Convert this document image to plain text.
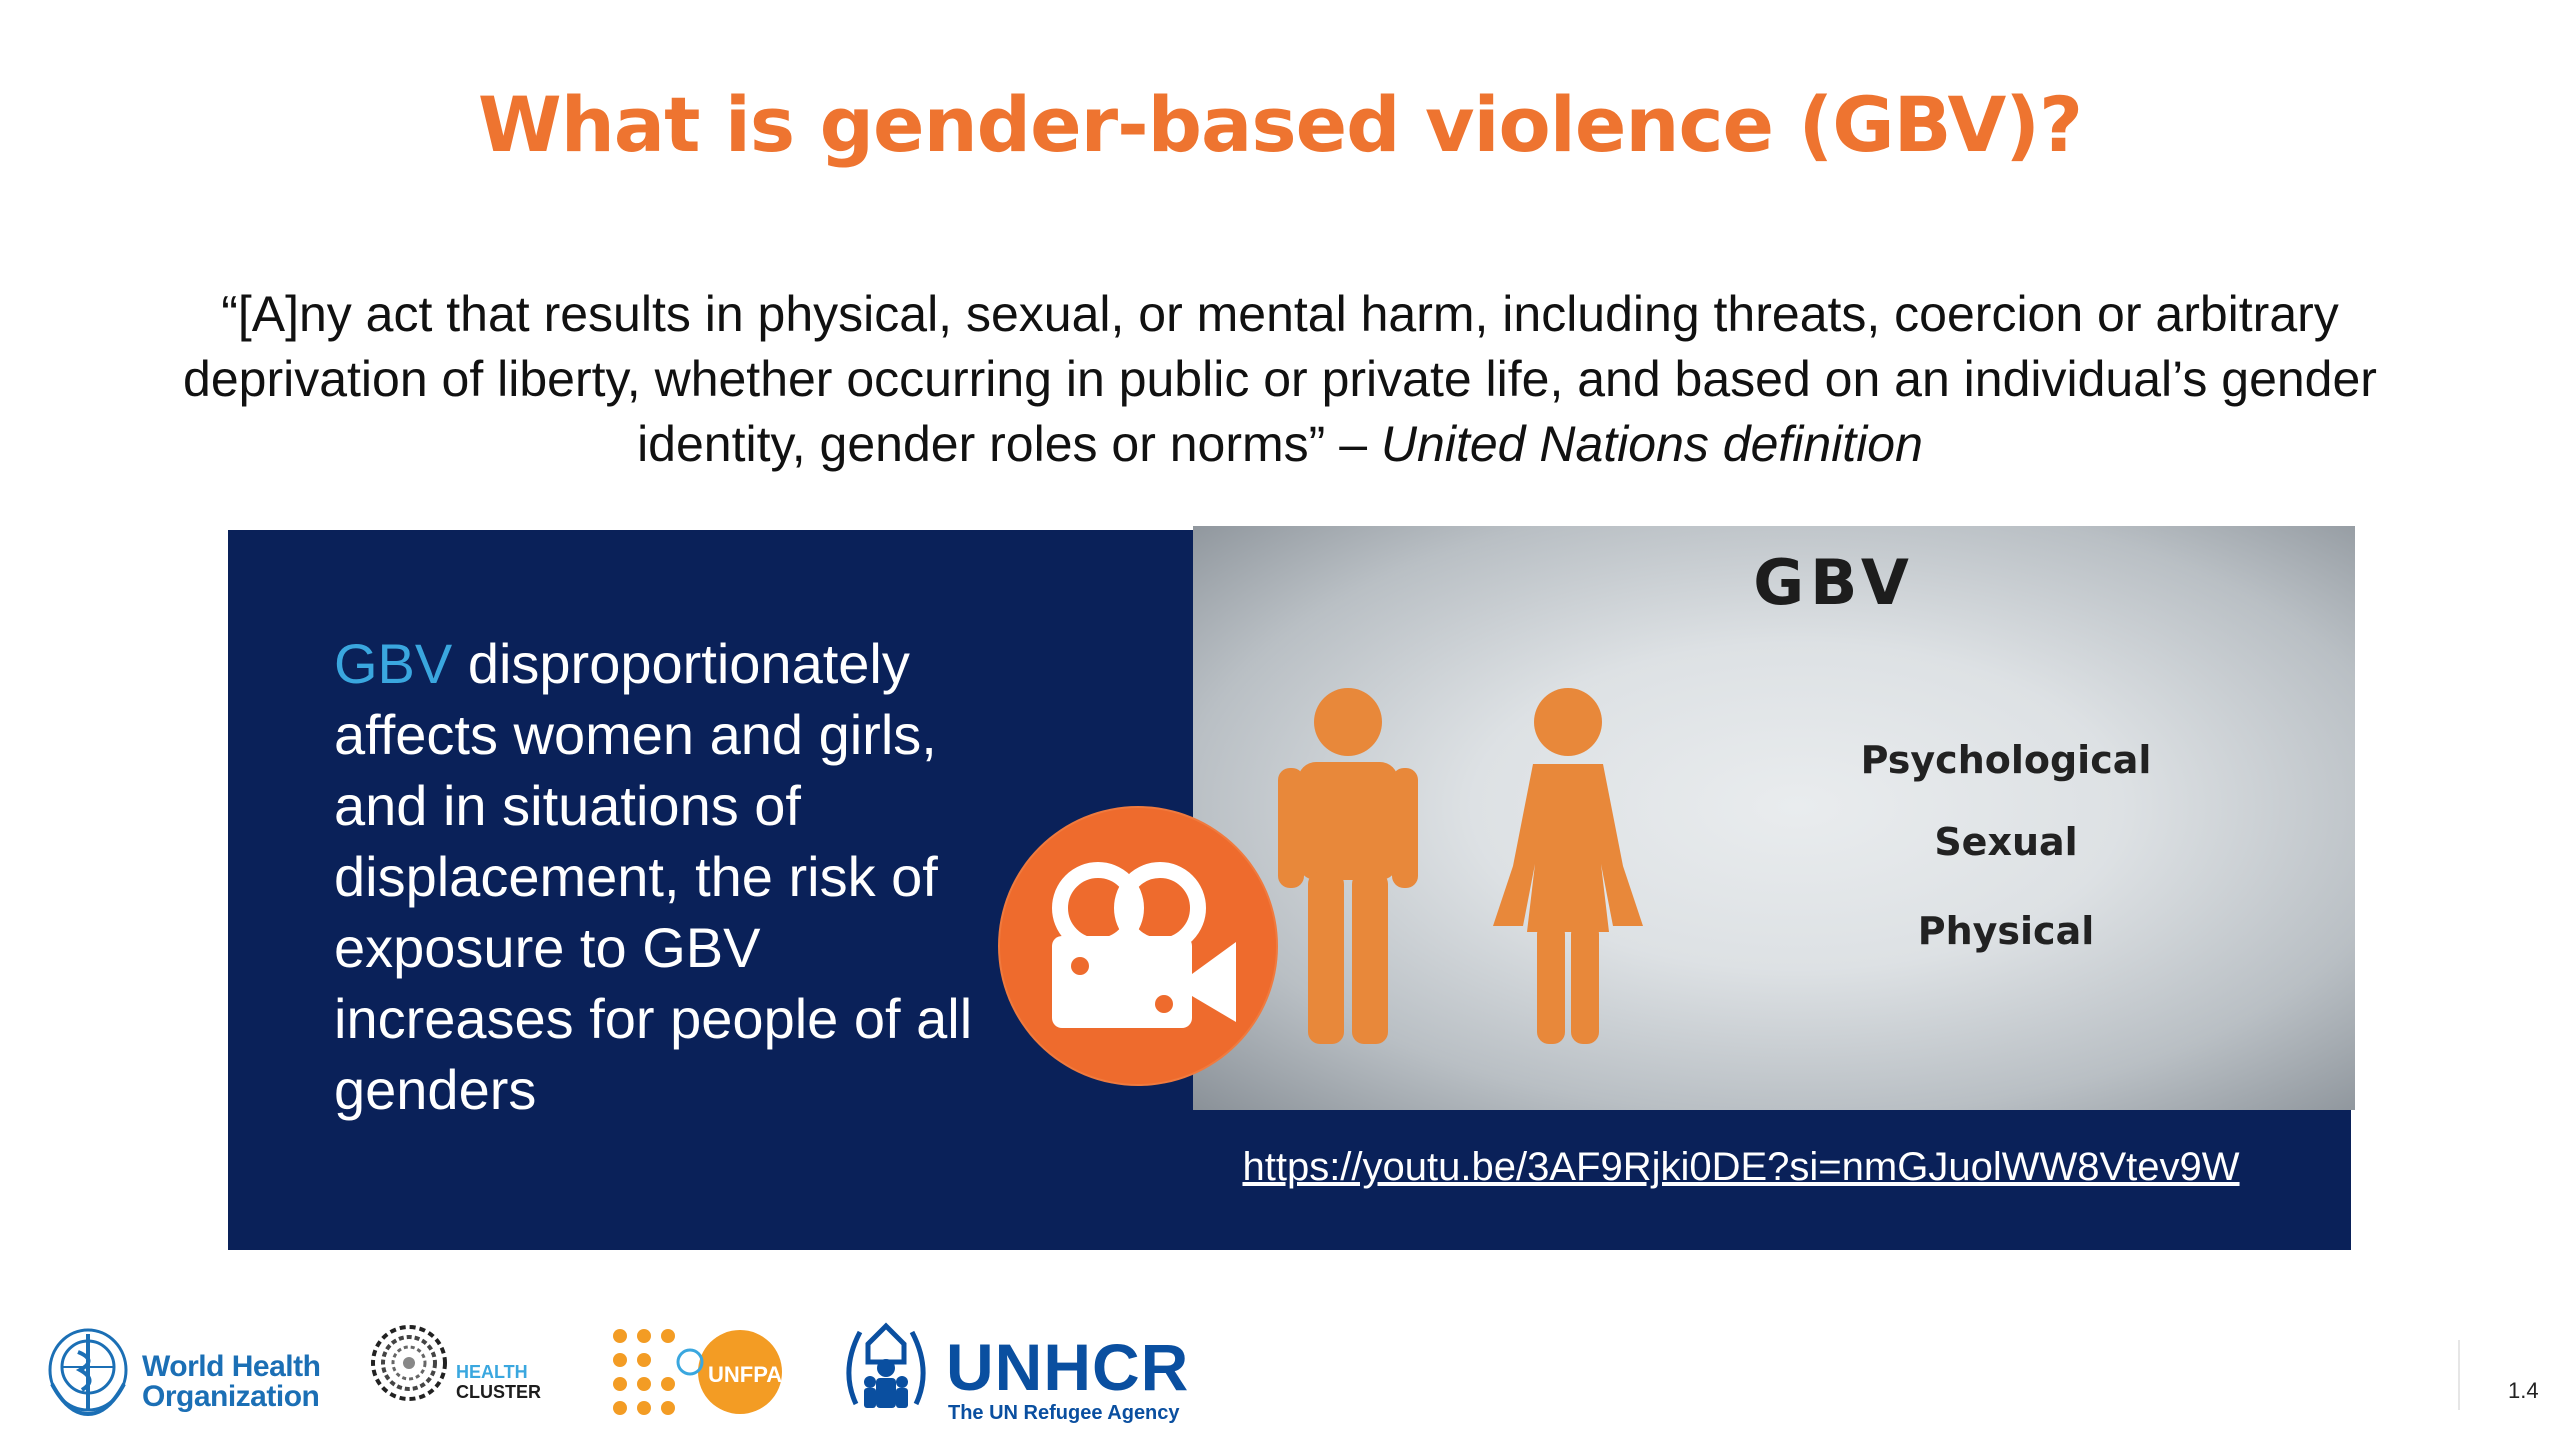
What is gender-based violence (GBV)?
“[A]ny act that results in physical, sexual, or mental harm, including threats, coercion or arbitrary deprivation of liberty, whether occurring in public or private life, and based on an individual’s gender identity, gender roles or norms” – United Nations definition
GBV disproportionately affects women and girls, and in situations of displacement, the risk of exposure to GBV increases for people of all genders
GBV
Psychological
Sexual
Physical
https://youtu.be/3AF9Rjki0DE?si=nmGJuolWW8Vtev9W
World Health
Organization
HEALTH
CLUSTER
UNFPA UNHCR
The UN Refugee Agency
1.4
